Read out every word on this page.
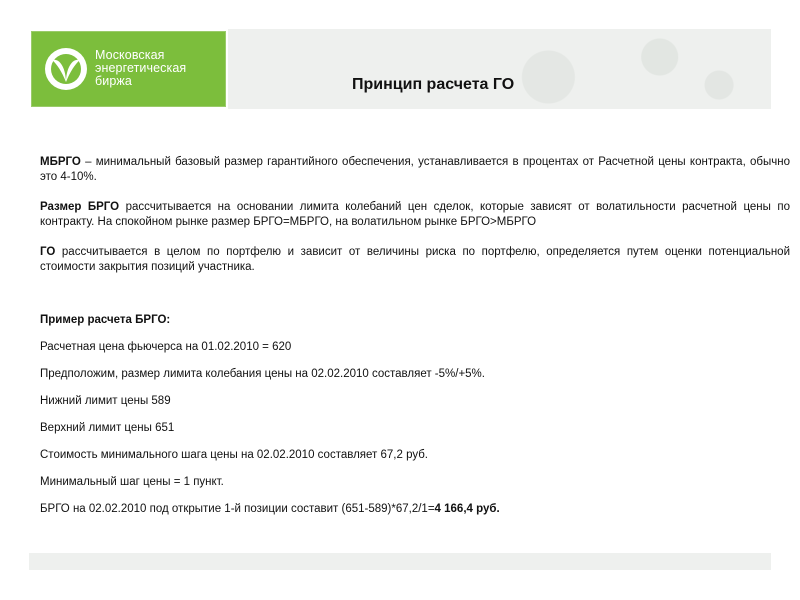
Московская
энергетическая
биржа	Принцип расчета ГО

МБРГО – минимальный базовый размер гарантийного обеспечения, устанавливается в процентах от Расчетной цены контракта, обычно это 4-10%.

Размер БРГО рассчитывается на основании лимита колебаний цен сделок, которые зависят от волатильности расчетной цены по контракту. На спокойном рынке размер БРГО=МБРГО, на волатильном рынке БРГО>МБРГО

ГО рассчитывается в целом по портфелю и зависит от величины риска по портфелю, определяется путем оценки потенциальной стоимости закрытия позиций участника.

Пример расчета БРГО:
Расчетная цена фьючерса на 01.02.2010 = 620
Предположим, размер лимита колебания цены на 02.02.2010 составляет -5%/+5%.
Нижний лимит цены 589
Верхний лимит цены 651
Стоимость минимального шага цены на 02.02.2010 составляет 67,2 руб.
Минимальный шаг цены = 1 пункт.
БРГО на 02.02.2010 под открытие 1-й позиции составит (651-589)*67,2/1=4 166,4 руб.
